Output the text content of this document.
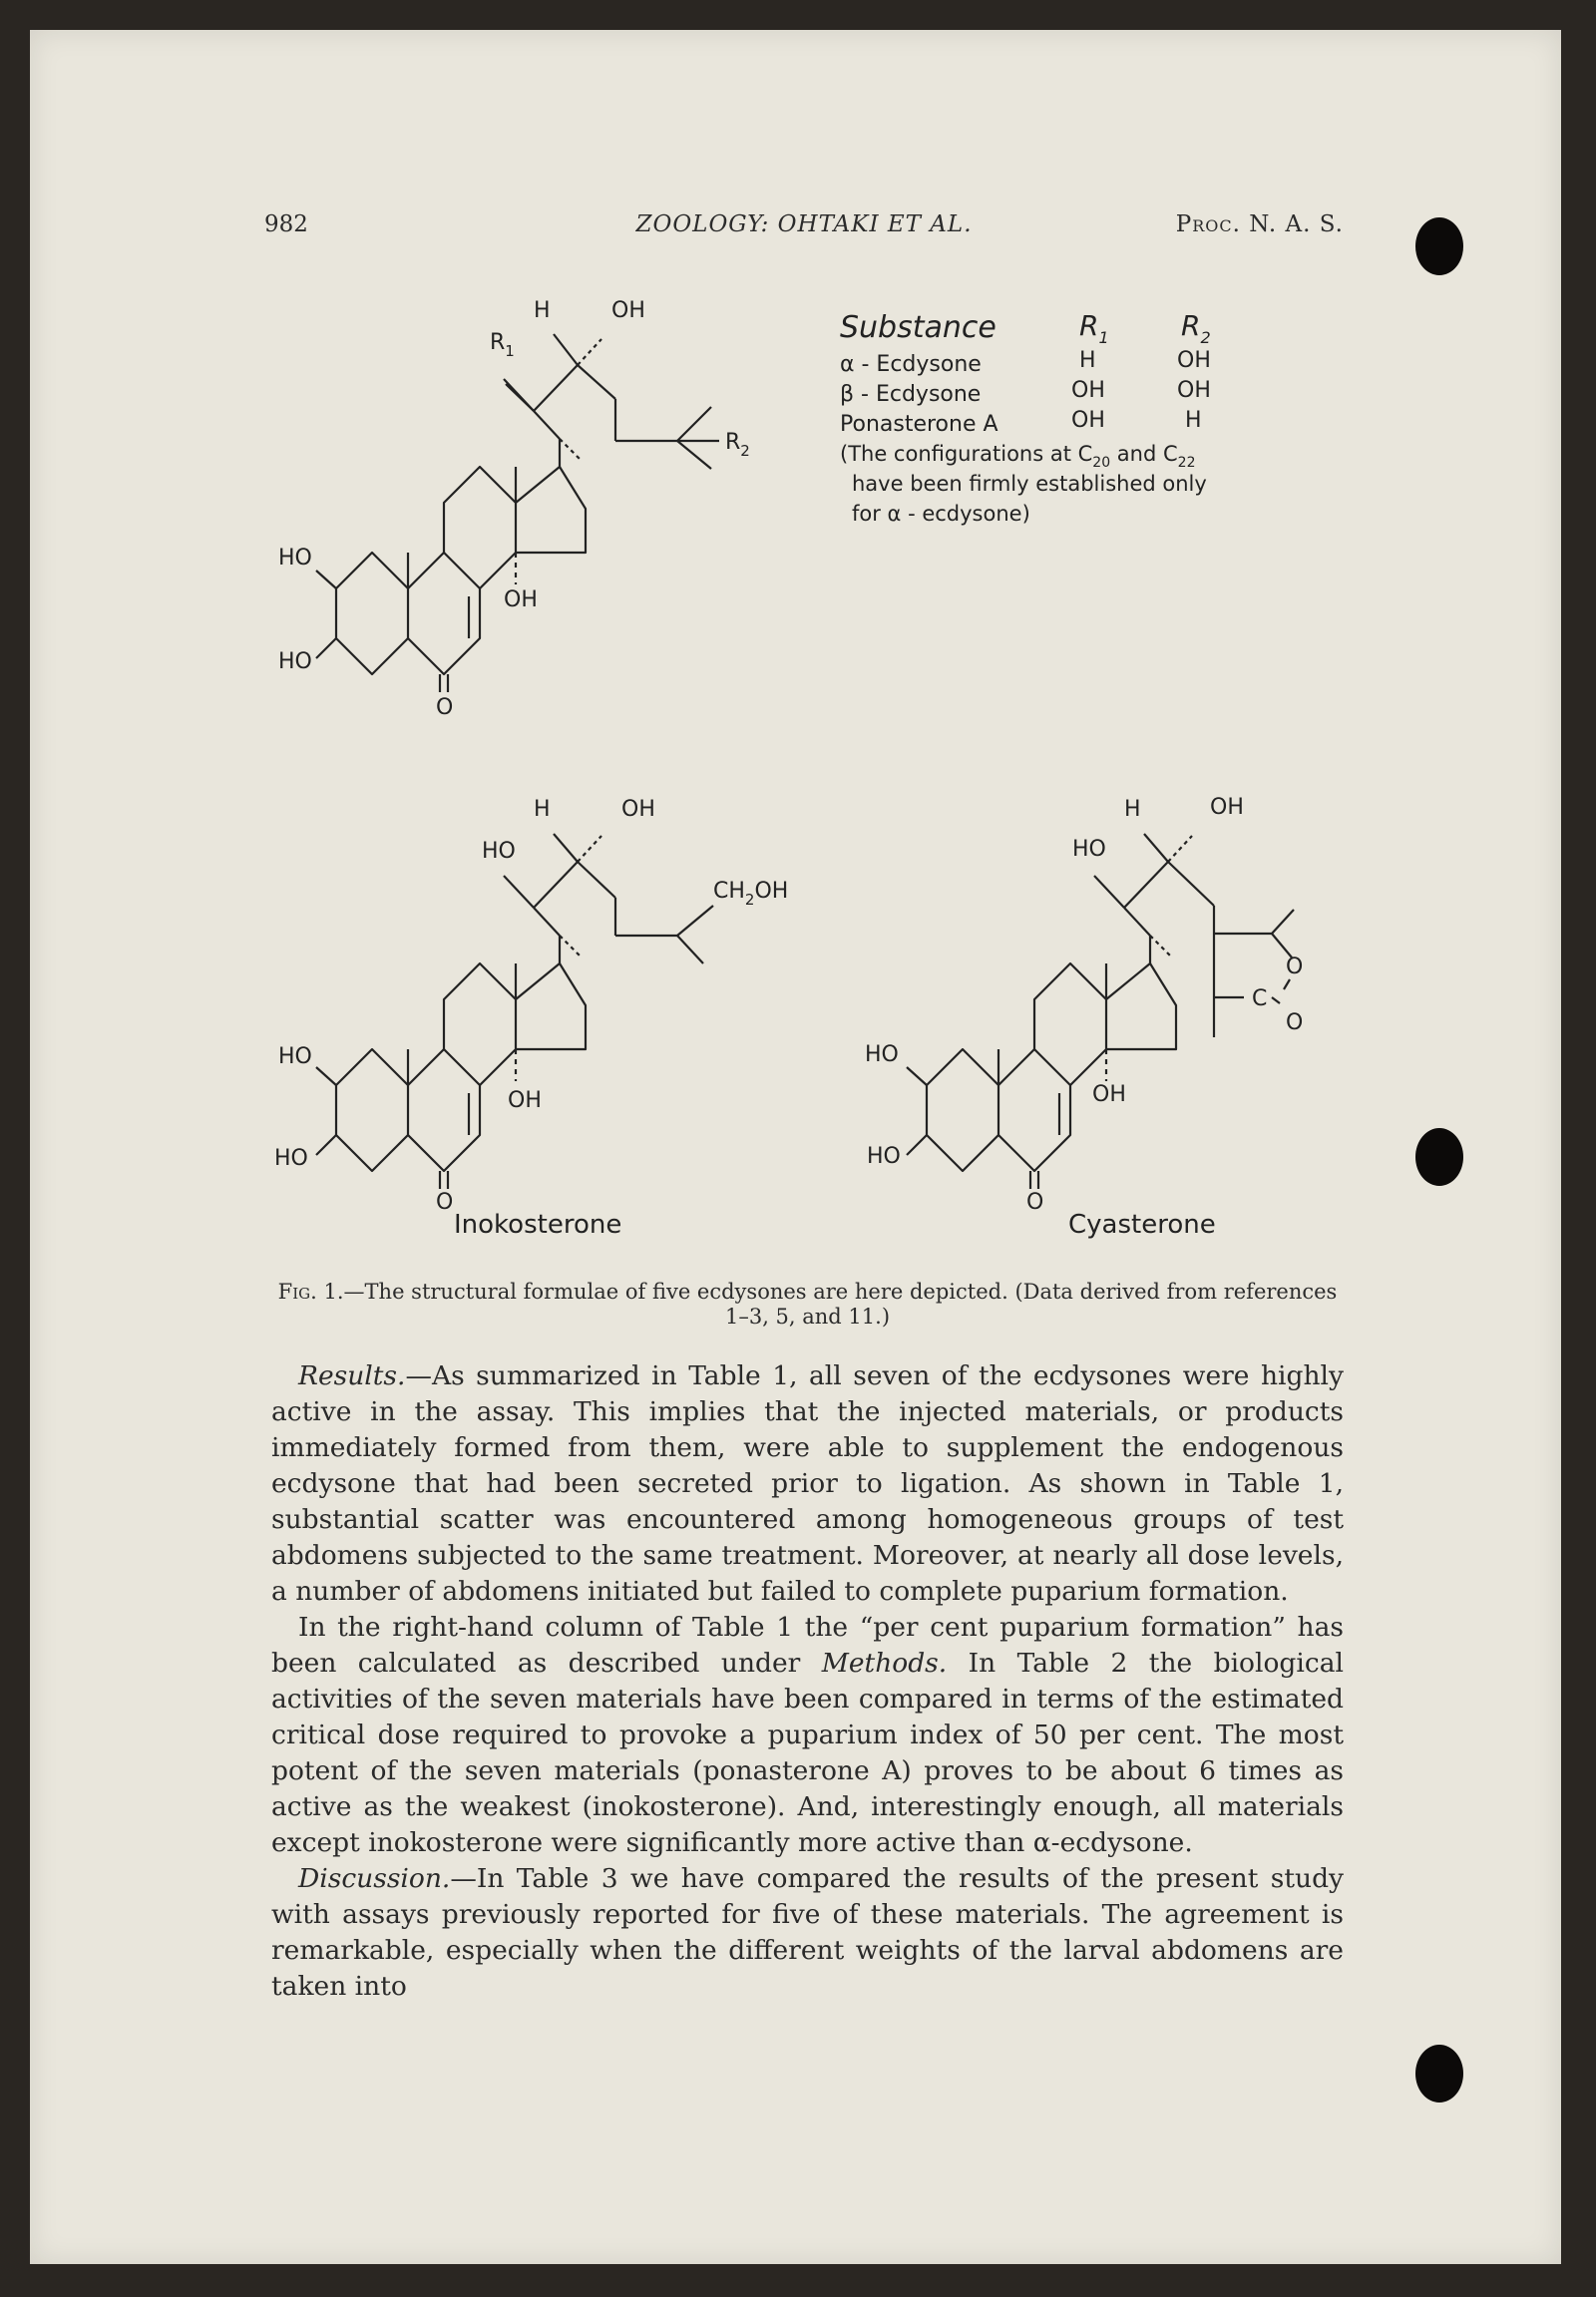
982	ZOOLOGY: OHTAKI ET AL.	Proc. N. A. S.
H	OH
$R_1$
$R_2$
HO
HO
OH
O
Substance	$R_1$	$R_2$
α - Ecdysone	H	OH
β - Ecdysone	OH	OH
Ponasterone A	OH	H
(The configurations at $C_{20}$ and $C_{22}$
have been firmly established only
for α - ecdysone)
H	OH
HO
$CH_2OH$
HO
HO
OH
O
Inokosterone
H	OH
HO
O
C
O
HO
HO
OH
O
Cyasterone
Fig. 1.—The structural formulae of five ecdysones are here depicted. (Data derived from references 1–3, 5, and 11.)

Results.—As summarized in Table 1, all seven of the ecdysones were highly active in the assay. This implies that the injected materials, or products immediately formed from them, were able to supplement the endogenous ecdysone that had been secreted prior to ligation. As shown in Table 1, substantial scatter was encountered among homogeneous groups of test abdomens subjected to the same treatment. Moreover, at nearly all dose levels, a number of abdomens initiated but failed to complete puparium formation.

In the right-hand column of Table 1 the “per cent puparium formation” has been calculated as described under Methods. In Table 2 the biological activities of the seven materials have been compared in terms of the estimated critical dose required to provoke a puparium index of 50 per cent. The most potent of the seven materials (ponasterone A) proves to be about 6 times as active as the weakest (inokosterone). And, interestingly enough, all materials except inokosterone were significantly more active than α-ecdysone.

Discussion.—In Table 3 we have compared the results of the present study with assays previously reported for five of these materials. The agreement is remarkable, especially when the different weights of the larval abdomens are taken into
